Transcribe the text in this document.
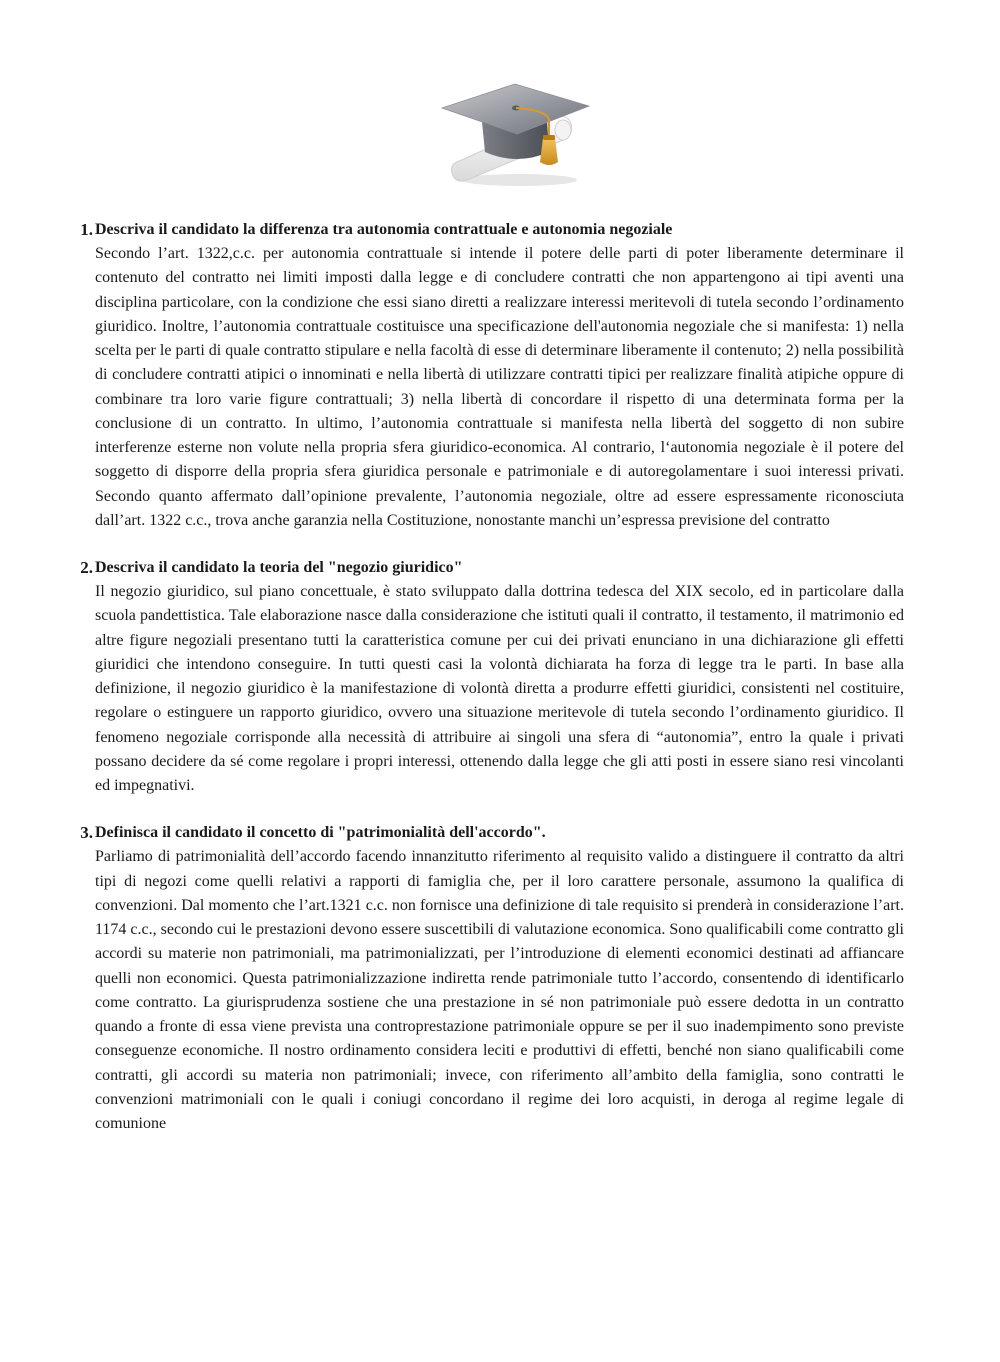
1. Descriva il candidato la differenza tra autonomia contrattuale e autonomia negoziale
Secondo l’art. 1322,c.c. per autonomia contrattuale si intende il potere delle parti di poter liberamente determinare il contenuto del contratto nei limiti imposti dalla legge e di concludere contratti che non appartengono ai tipi aventi una disciplina particolare, con la condizione che essi siano diretti a realizzare interessi meritevoli di tutela secondo l’ordinamento giuridico. Inoltre, l’autonomia contrattuale costituisce una specificazione dell'autonomia negoziale che si manifesta: 1) nella scelta per le parti di quale contratto stipulare e nella facoltà di esse di determinare liberamente il contenuto; 2) nella possibilità di concludere contratti atipici o innominati e nella libertà di utilizzare contratti tipici per realizzare finalità atipiche oppure di combinare tra loro varie figure contrattuali; 3) nella libertà di concordare il rispetto di una determinata forma per la conclusione di un contratto. In ultimo, l’autonomia contrattuale si manifesta nella libertà del soggetto di non subire interferenze esterne non volute nella propria sfera giuridico-economica. Al contrario, l‘autonomia negoziale è il potere del soggetto di disporre della propria sfera giuridica personale e patrimoniale e di autoregolamentare i suoi interessi privati. Secondo quanto affermato dall’opinione prevalente, l’autonomia negoziale, oltre ad essere espressamente riconosciuta dall’art. 1322 c.c., trova anche garanzia nella Costituzione, nonostante manchi un’espressa previsione del contratto
2. Descriva il candidato la teoria del "negozio giuridico"
Il negozio giuridico, sul piano concettuale, è stato sviluppato dalla dottrina tedesca del XIX secolo, ed in particolare dalla scuola pandettistica. Tale elaborazione nasce dalla considerazione che istituti quali il contratto, il testamento, il matrimonio ed altre figure negoziali presentano tutti la caratteristica comune per cui dei privati enunciano in una dichiarazione gli effetti giuridici che intendono conseguire. In tutti questi casi la volontà dichiarata ha forza di legge tra le parti. In base alla definizione, il negozio giuridico è la manifestazione di volontà diretta a produrre effetti giuridici, consistenti nel costituire, regolare o estinguere un rapporto giuridico, ovvero una situazione meritevole di tutela secondo l’ordinamento giuridico. Il fenomeno negoziale corrisponde alla necessità di attribuire ai singoli una sfera di “autonomia”, entro la quale i privati possano decidere da sé come regolare i propri interessi, ottenendo dalla legge che gli atti posti in essere siano resi vincolanti ed impegnativi.
3. Definisca il candidato il concetto di "patrimonialità dell'accordo".
Parliamo di patrimonialità dell’accordo facendo innanzitutto riferimento al requisito valido a distinguere il contratto da altri tipi di negozi come quelli relativi a rapporti di famiglia che, per il loro carattere personale, assumono la qualifica di convenzioni. Dal momento che l’art.1321 c.c. non fornisce una definizione di tale requisito si prenderà in considerazione l’art. 1174 c.c., secondo cui le prestazioni devono essere suscettibili di valutazione economica. Sono qualificabili come contratto gli accordi su materie non patrimoniali, ma patrimonializzati, per l’introduzione di elementi economici destinati ad affiancare quelli non economici. Questa patrimonializzazione indiretta rende patrimoniale tutto l’accordo, consentendo di identificarlo come contratto. La giurisprudenza sostiene che una prestazione in sé non patrimoniale può essere dedotta in un contratto quando a fronte di essa viene prevista una controprestazione patrimoniale oppure se per il suo inadempimento sono previste conseguenze economiche. Il nostro ordinamento considera leciti e produttivi di effetti, benché non siano qualificabili come contratti, gli accordi su materia non patrimoniali; invece, con riferimento all’ambito della famiglia, sono contratti le convenzioni matrimoniali con le quali i coniugi concordano il regime dei loro acquisti, in deroga al regime legale di comunione
